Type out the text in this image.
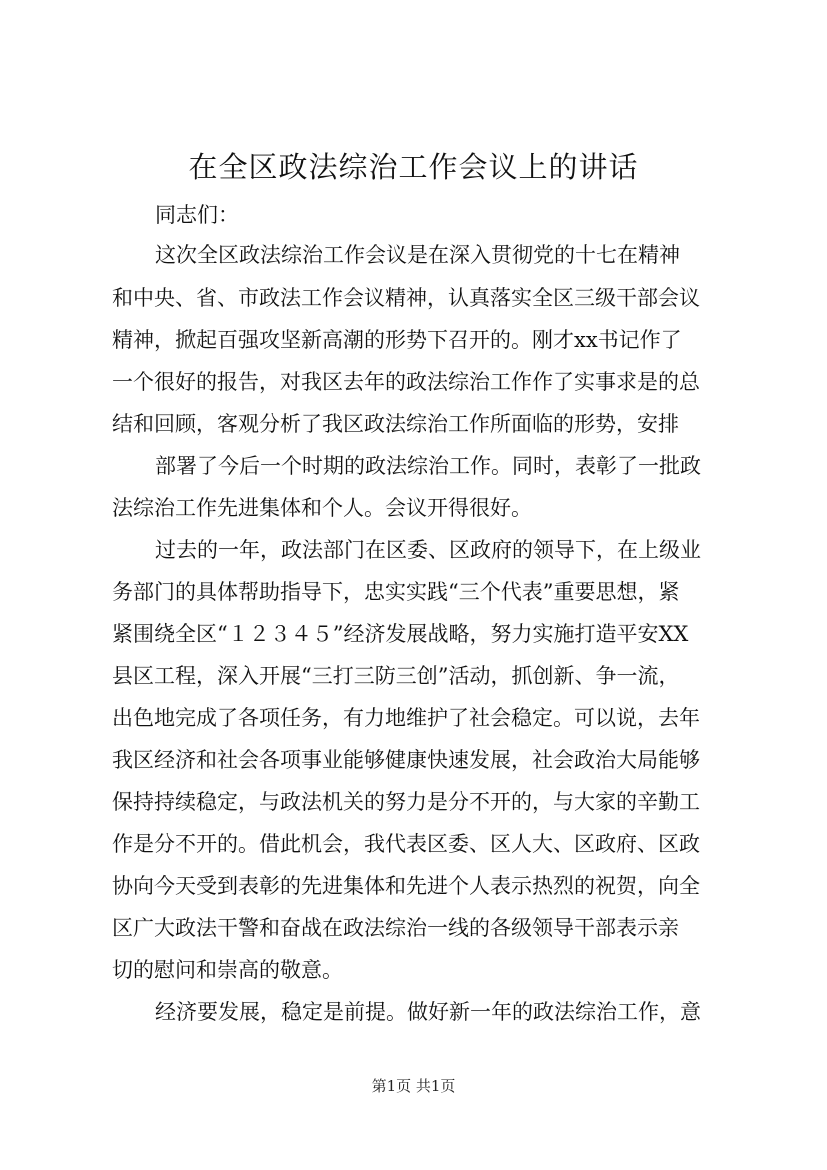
在全区政法综治工作会议上的讲话
同志们：
这次全区政法综治工作会议是在深入贯彻党的十七在精神
和中央、省、市政法工作会议精神，认真落实全区三级干部会议
精神，掀起百强攻坚新高潮的形势下召开的。刚才xx书记作了
一个很好的报告，对我区去年的政法综治工作作了实事求是的总
结和回顾，客观分析了我区政法综治工作所面临的形势，安排
部署了今后一个时期的政法综治工作。同时，表彰了一批政
法综治工作先进集体和个人。会议开得很好。
过去的一年，政法部门在区委、区政府的领导下，在上级业
务部门的具体帮助指导下，忠实实践“三个代表”重要思想，紧
紧围绕全区“１２３４５”经济发展战略，努力实施打造平安XX
县区工程，深入开展“三打三防三创”活动，抓创新、争一流，
出色地完成了各项任务，有力地维护了社会稳定。可以说，去年
我区经济和社会各项事业能够健康快速发展，社会政治大局能够
保持持续稳定，与政法机关的努力是分不开的，与大家的辛勤工
作是分不开的。借此机会，我代表区委、区人大、区政府、区政
协向今天受到表彰的先进集体和先进个人表示热烈的祝贺，向全
区广大政法干警和奋战在政法综治一线的各级领导干部表示亲
切的慰问和崇高的敬意。
经济要发展，稳定是前提。做好新一年的政法综治工作，意
第1页 共1页
